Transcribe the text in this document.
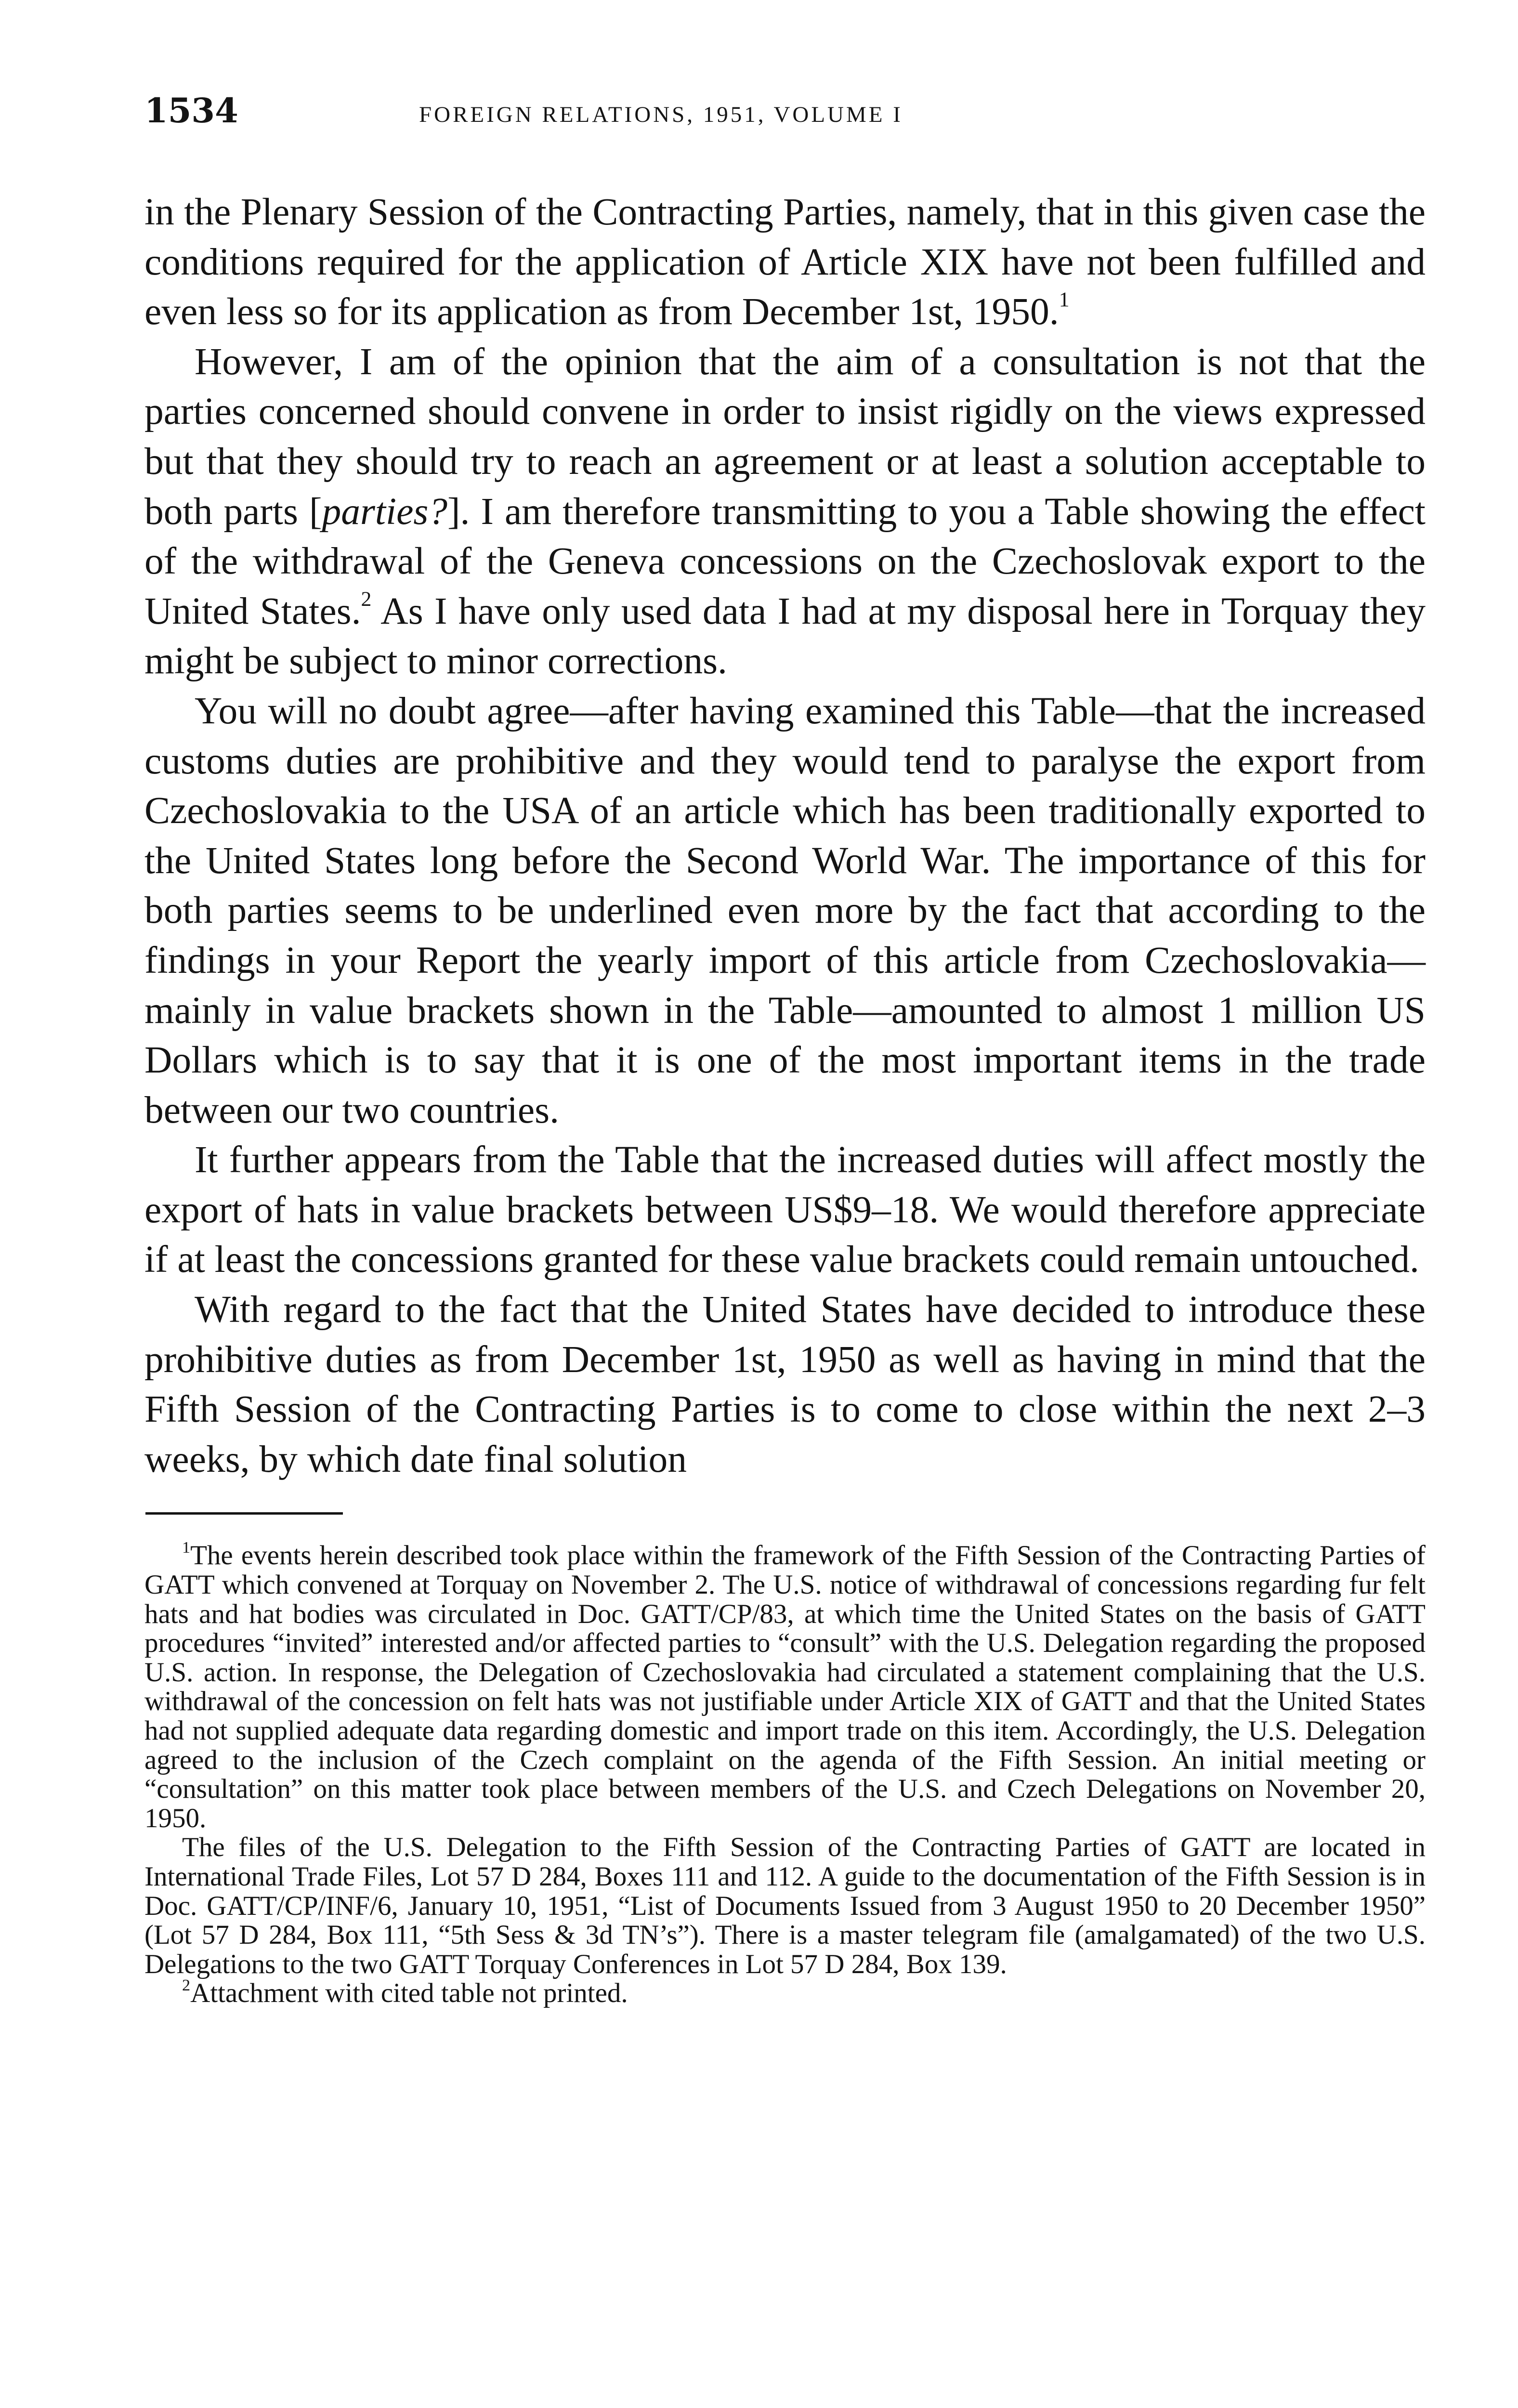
1534	FOREIGN RELATIONS, 1951, VOLUME I

in the Plenary Session of the Contracting Parties, namely, that in this given case the conditions required for the application of Article XIX have not been fulfilled and even less so for its application as from December 1st, 1950.$^1$

However, I am of the opinion that the aim of a consultation is not that the parties concerned should convene in order to insist rigidly on the views expressed but that they should try to reach an agreement or at least a solution acceptable to both parts [parties?]. I am therefore transmitting to you a Table showing the effect of the withdrawal of the Geneva concessions on the Czechoslovak export to the United States.$^2$ As I have only used data I had at my disposal here in Torquay they might be subject to minor corrections.

You will no doubt agree—after having examined this Table—that the increased customs duties are prohibitive and they would tend to paralyse the export from Czechoslovakia to the USA of an article which has been traditionally exported to the United States long before the Second World War. The importance of this for both parties seems to be underlined even more by the fact that according to the findings in your Report the yearly import of this article from Czechoslovakia—mainly in value brackets shown in the Table—amounted to almost 1 million US Dollars which is to say that it is one of the most important items in the trade between our two countries.

It further appears from the Table that the increased duties will affect mostly the export of hats in value brackets between US$9–18. We would therefore appreciate if at least the concessions granted for these value brackets could remain untouched.

With regard to the fact that the United States have decided to introduce these prohibitive duties as from December 1st, 1950 as well as having in mind that the Fifth Session of the Contracting Parties is to come to close within the next 2–3 weeks, by which date final solution

$^1$The events herein described took place within the framework of the Fifth Session of the Contracting Parties of GATT which convened at Torquay on November 2. The U.S. notice of withdrawal of concessions regarding fur felt hats and hat bodies was circulated in Doc. GATT/CP/83, at which time the United States on the basis of GATT procedures “invited” interested and/or affected parties to “consult” with the U.S. Delegation regarding the proposed U.S. action. In response, the Delegation of Czechoslovakia had circulated a statement complaining that the U.S. withdrawal of the concession on felt hats was not justifiable under Article XIX of GATT and that the United States had not supplied adequate data regarding domestic and import trade on this item. Accordingly, the U.S. Delegation agreed to the inclusion of the Czech complaint on the agenda of the Fifth Session. An initial meeting or “consultation” on this matter took place between members of the U.S. and Czech Delegations on November 20, 1950.

The files of the U.S. Delegation to the Fifth Session of the Contracting Parties of GATT are located in International Trade Files, Lot 57 D 284, Boxes 111 and 112. A guide to the documentation of the Fifth Session is in Doc. GATT/CP/INF/6, January 10, 1951, “List of Documents Issued from 3 August 1950 to 20 December 1950” (Lot 57 D 284, Box 111, “5th Sess & 3d TN’s”). There is a master telegram file (amalgamated) of the two U.S. Delegations to the two GATT Torquay Conferences in Lot 57 D 284, Box 139.

$^2$Attachment with cited table not printed.
